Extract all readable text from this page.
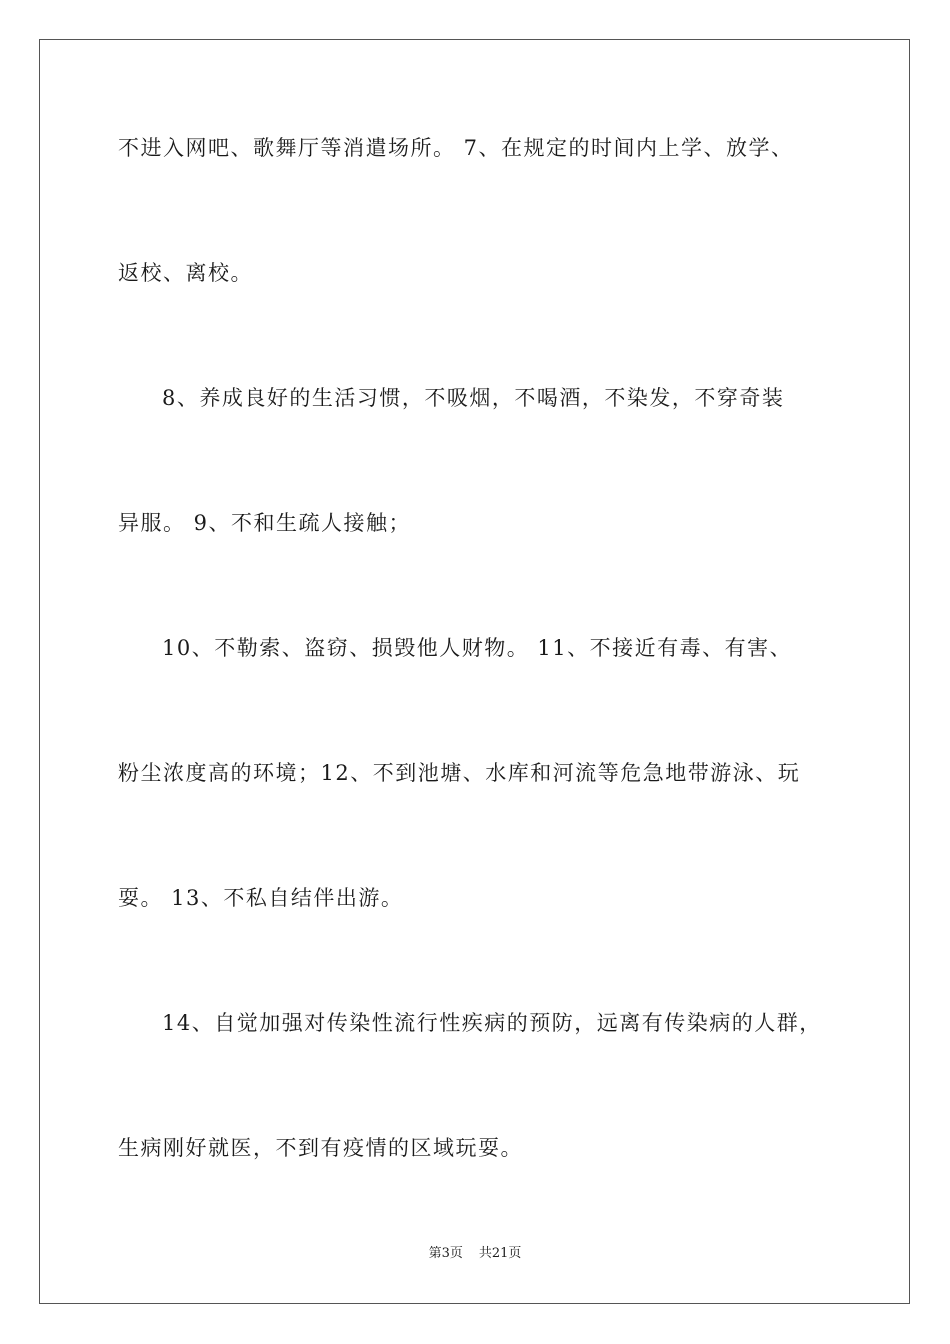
不进入网吧、歌舞厅等消遣场所。 7、在规定的时间内上学、放学、
返校、离校。
8、养成良好的生活习惯，不吸烟，不喝酒，不染发，不穿奇装
异服。 9、不和生疏人接触；
10、不勒索、盗窃、损毁他人财物。 11、不接近有毒、有害、
粉尘浓度高的环境；12、不到池塘、水库和河流等危急地带游泳、玩
耍。 13、不私自结伴出游。
14、自觉加强对传染性流行性疾病的预防，远离有传染病的人群，
生病刚好就医，不到有疫情的区域玩耍。
第3页 共21页
